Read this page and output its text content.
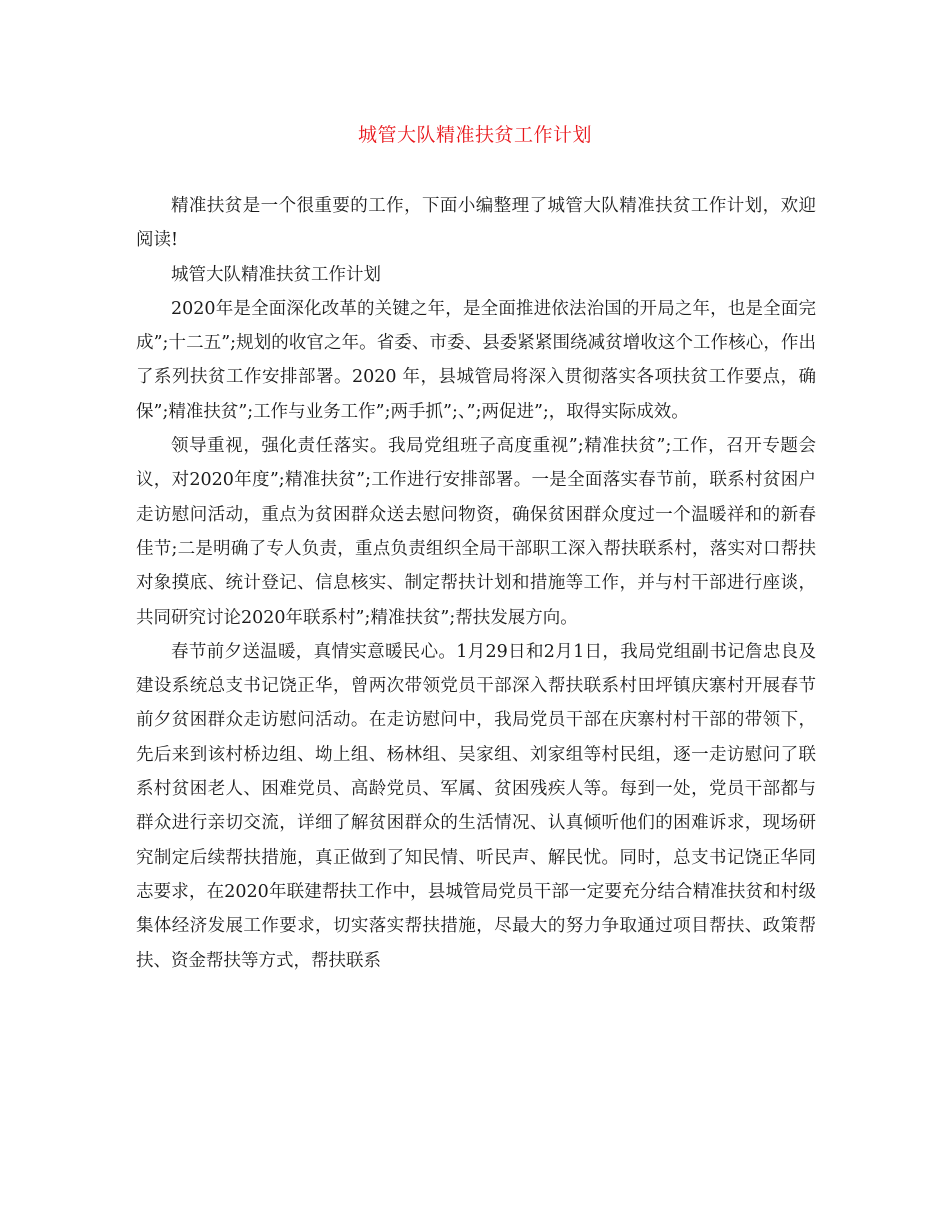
城管大队精准扶贫工作计划

精准扶贫是一个很重要的工作，下面小编整理了城管大队精准扶贫工作计划，欢迎阅读!

城管大队精准扶贫工作计划

2020年是全面深化改革的关键之年，是全面推进依法治国的开局之年，也是全面完成”;十二五”;规划的收官之年。省委、市委、县委紧紧围绕减贫增收这个工作核心，作出了系列扶贫工作安排部署。2020 年，县城管局将深入贯彻落实各项扶贫工作要点，确保”;精准扶贫”;工作与业务工作”;两手抓”;、”;两促进”;，取得实际成效。

领导重视，强化责任落实。我局党组班子高度重视”;精准扶贫”;工作，召开专题会议，对2020年度”;精准扶贫”;工作进行安排部署。一是全面落实春节前，联系村贫困户走访慰问活动，重点为贫困群众送去慰问物资，确保贫困群众度过一个温暖祥和的新春佳节;二是明确了专人负责，重点负责组织全局干部职工深入帮扶联系村，落实对口帮扶对象摸底、统计登记、信息核实、制定帮扶计划和措施等工作，并与村干部进行座谈，共同研究讨论2020年联系村”;精准扶贫”;帮扶发展方向。

春节前夕送温暖，真情实意暖民心。1月29日和2月1日，我局党组副书记詹忠良及建设系统总支书记饶正华，曾两次带领党员干部深入帮扶联系村田坪镇庆寨村开展春节前夕贫困群众走访慰问活动。在走访慰问中，我局党员干部在庆寨村村干部的带领下，先后来到该村桥边组、坳上组、杨林组、吴家组、刘家组等村民组，逐一走访慰问了联系村贫困老人、困难党员、高龄党员、军属、贫困残疾人等。每到一处，党员干部都与群众进行亲切交流，详细了解贫困群众的生活情况、认真倾听他们的困难诉求，现场研究制定后续帮扶措施，真正做到了知民情、听民声、解民忧。同时，总支书记饶正华同志要求，在2020年联建帮扶工作中，县城管局党员干部一定要充分结合精准扶贫和村级集体经济发展工作要求，切实落实帮扶措施，尽最大的努力争取通过项目帮扶、政策帮扶、资金帮扶等方式，帮扶联系
